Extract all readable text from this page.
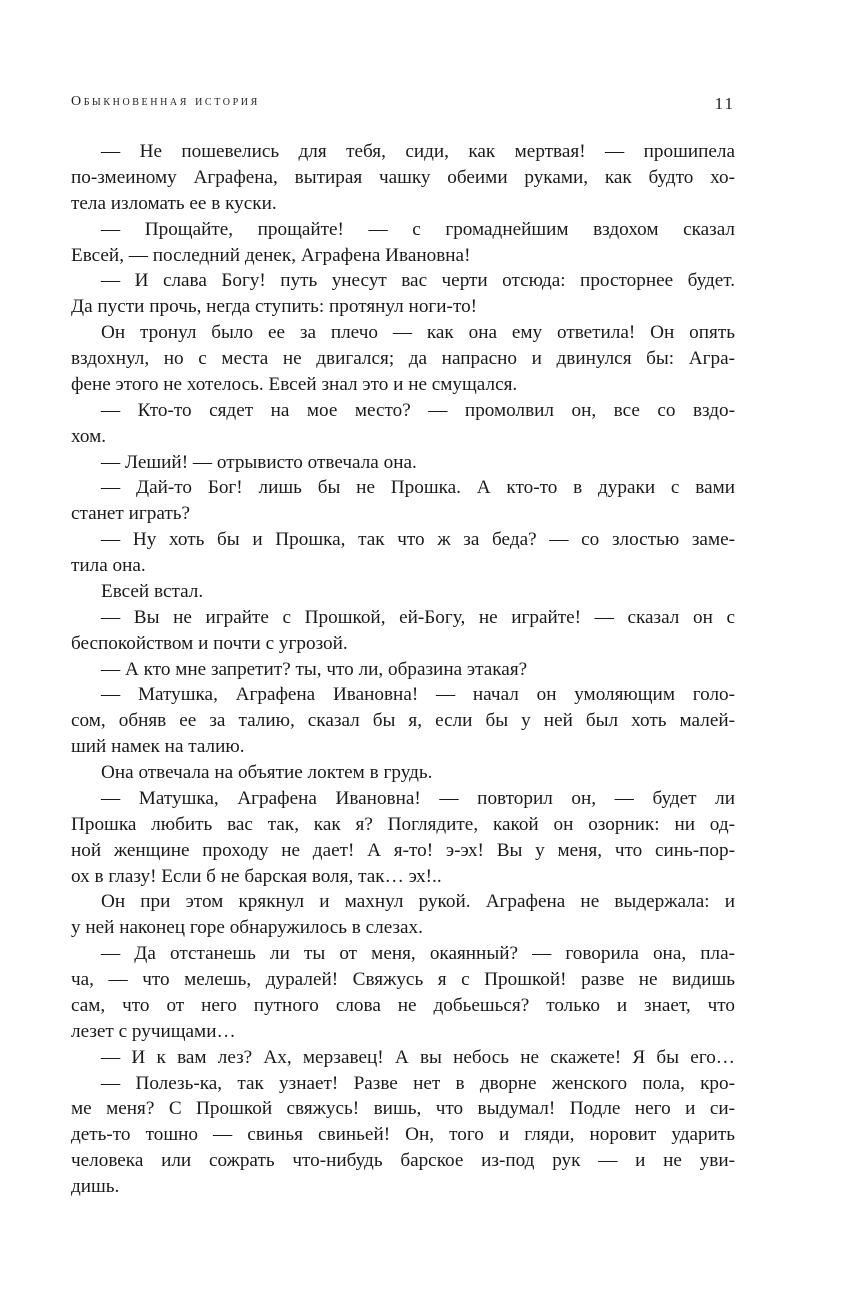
Обыкновенная история	11
— Не пошевелись для тебя, сиди, как мертвая! — прошипела
по-змеиному Аграфена, вытирая чашку обеими руками, как будто хо-
тела изломать ее в куски.
— Прощайте, прощайте! — с громаднейшим вздохом сказал
Евсей, — последний денек, Аграфена Ивановна!
— И слава Богу! путь унесут вас черти отсюда: просторнее будет.
Да пусти прочь, негда ступить: протянул ноги-то!
Он тронул было ее за плечо — как она ему ответила! Он опять
вздохнул, но с места не двигался; да напрасно и двинулся бы: Агра-
фене этого не хотелось. Евсей знал это и не смущался.
— Кто-то сядет на мое место? — промолвил он, все со вздо-
хом.
— Леший! — отрывисто отвечала она.
— Дай-то Бог! лишь бы не Прошка. А кто-то в дураки с вами
станет играть?
— Ну хоть бы и Прошка, так что ж за беда? — со злостью заме-
тила она.
Евсей встал.
— Вы не играйте с Прошкой, ей-Богу, не играйте! — сказал он с
беспокойством и почти с угрозой.
— А кто мне запретит? ты, что ли, образина этакая?
— Матушка, Аграфена Ивановна! — начал он умоляющим голо-
сом, обняв ее за талию, сказал бы я, если бы у ней был хоть малей-
ший намек на талию.
Она отвечала на объятие локтем в грудь.
— Матушка, Аграфена Ивановна! — повторил он, — будет ли
Прошка любить вас так, как я? Поглядите, какой он озорник: ни од-
ной женщине проходу не дает! А я-то! э-эх! Вы у меня, что синь-пор-
ох в глазу! Если б не барская воля, так… эх!..
Он при этом крякнул и махнул рукой. Аграфена не выдержала: и
у ней наконец горе обнаружилось в слезах.
— Да отстанешь ли ты от меня, окаянный? — говорила она, пла-
ча, — что мелешь, дуралей! Свяжусь я с Прошкой! разве не видишь
сам, что от него путного слова не добьешься? только и знает, что
лезет с ручищами…
— И к вам лез? Ах, мерзавец! А вы небось не скажете! Я бы его…
— Полезь-ка, так узнает! Разве нет в дворне женского пола, кро-
ме меня? С Прошкой свяжусь! вишь, что выдумал! Подле него и си-
деть-то тошно — свинья свиньей! Он, того и гляди, норовит ударить
человека или сожрать что-нибудь барское из-под рук — и не уви-
дишь.
